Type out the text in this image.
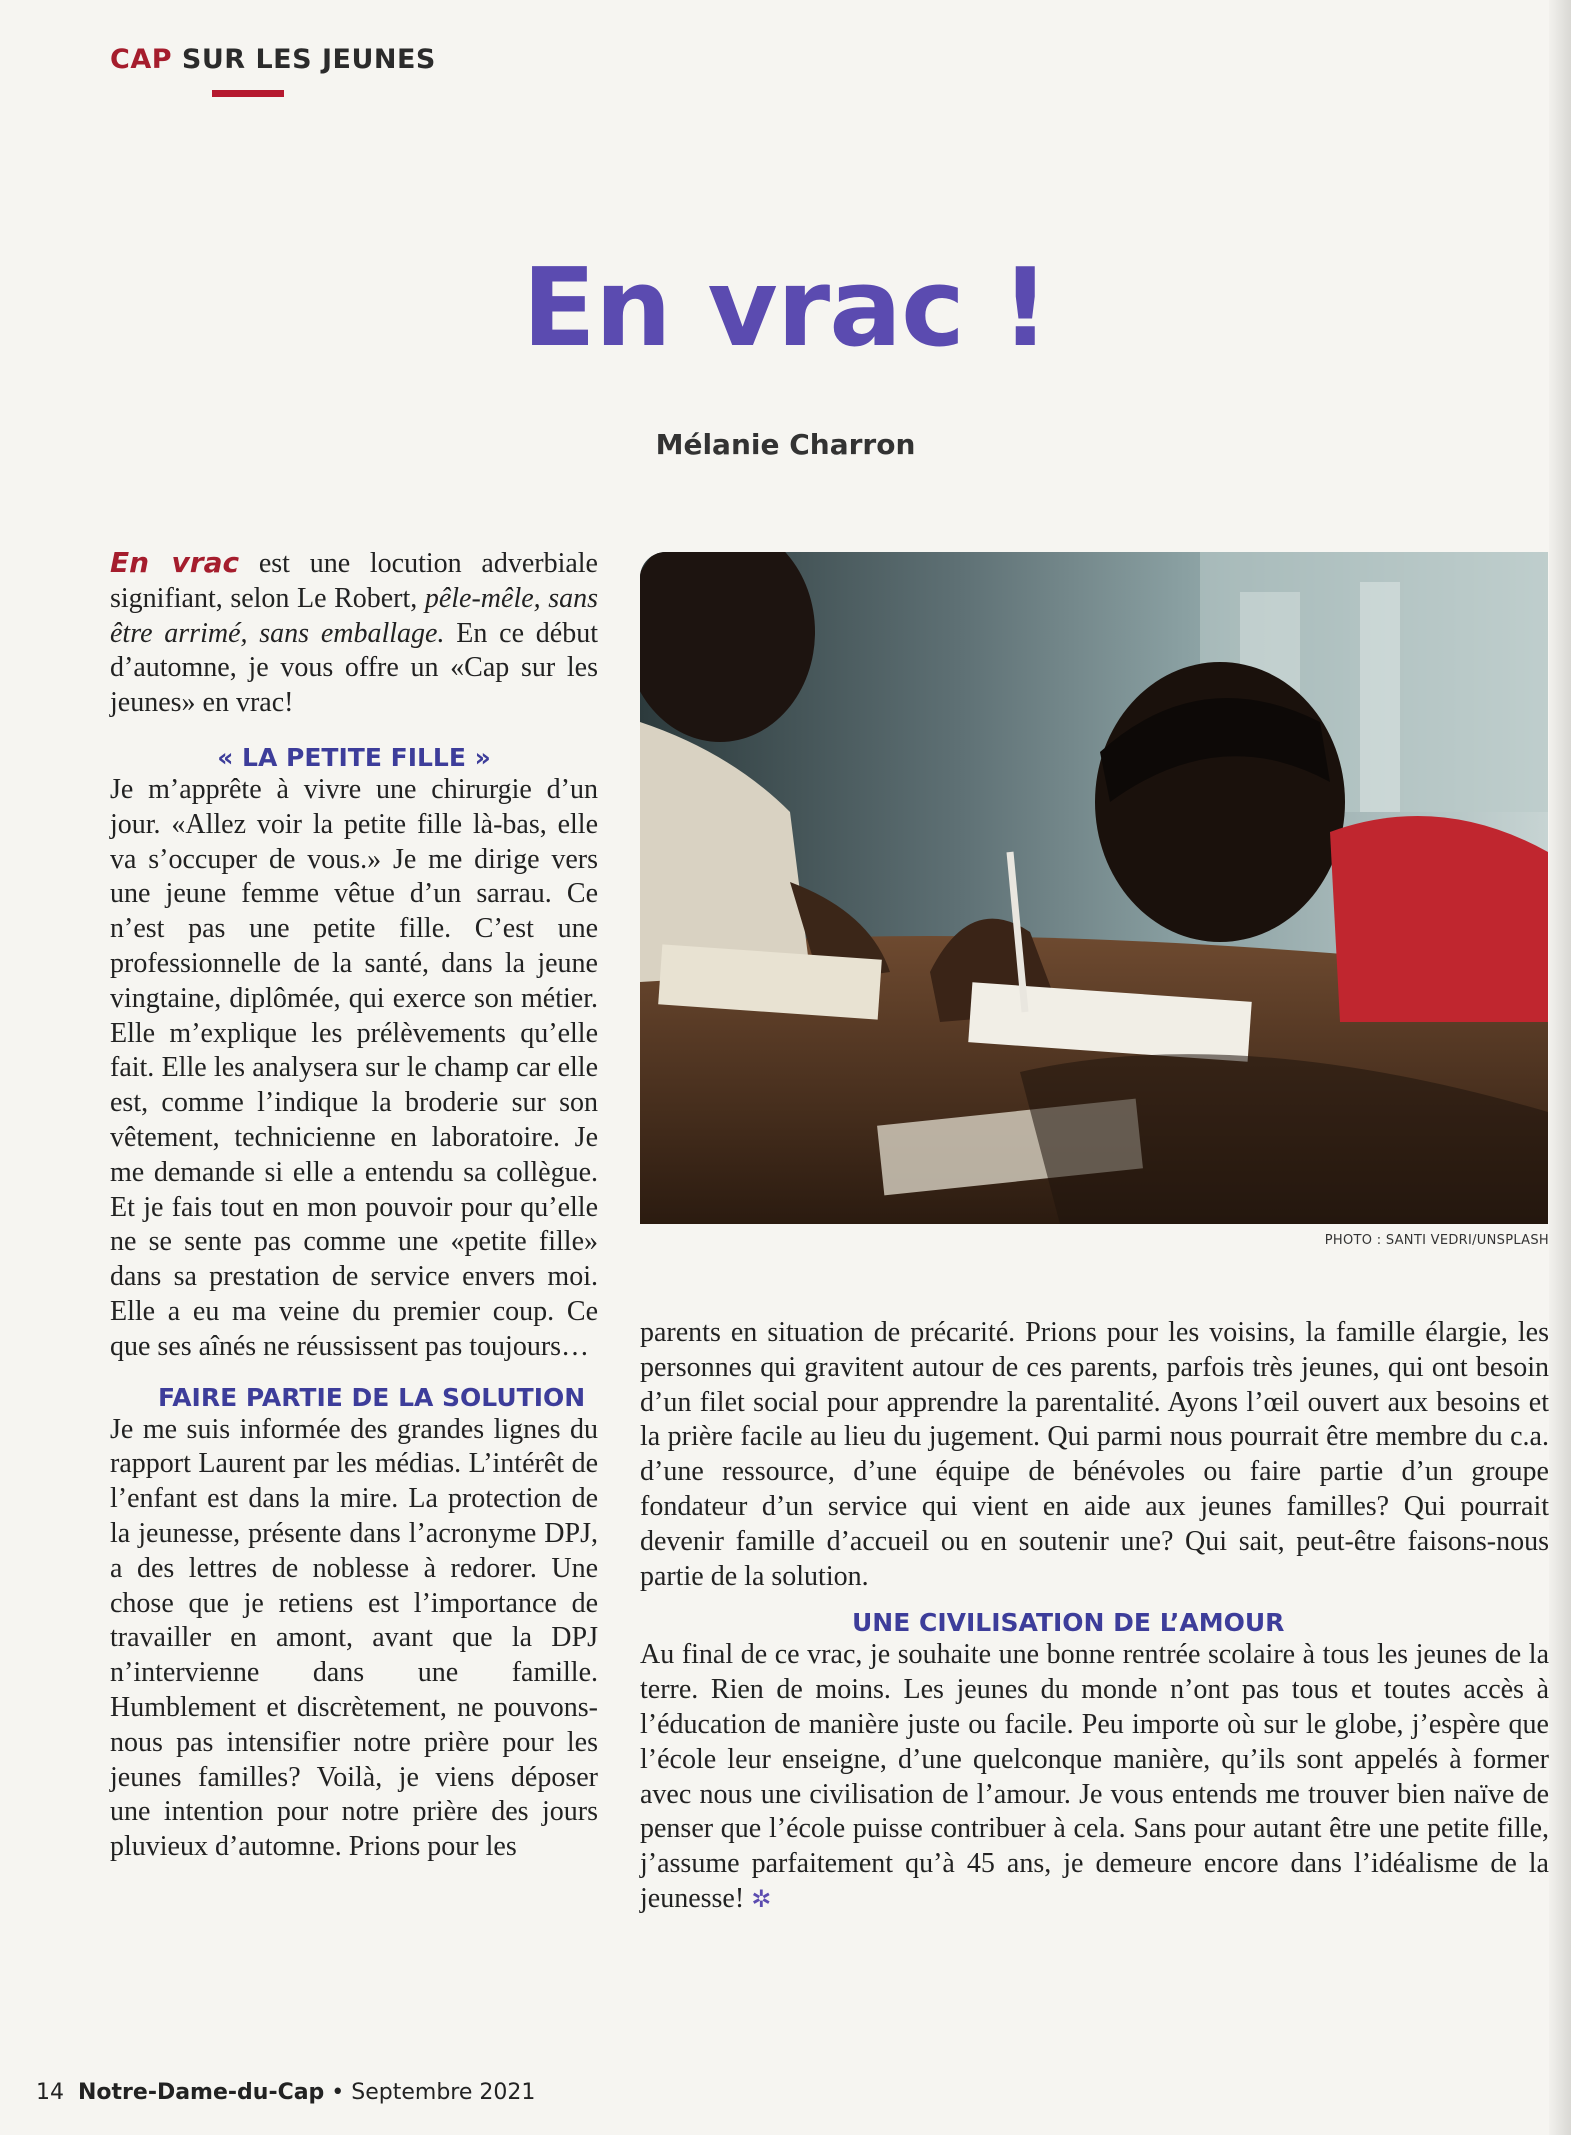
CAP SUR LES JEUNES
En vrac !
Mélanie Charron

En vrac est une locution adverbiale signifiant, selon Le Robert, pêle-mêle, sans être arrimé, sans emballage. En ce début d’automne, je vous offre un «Cap sur les jeunes» en vrac!

« LA PETITE FILLE »

Je m’apprête à vivre une chirurgie d’un jour. «Allez voir la petite fille là-bas, elle va s’occuper de vous.» Je me dirige vers une jeune femme vêtue d’un sarrau. Ce n’est pas une petite fille. C’est une professionnelle de la santé, dans la jeune vingtaine, diplômée, qui exerce son métier. Elle m’explique les prélèvements qu’elle fait. Elle les analysera sur le champ car elle est, comme l’indique la broderie sur son vêtement, technicienne en laboratoire. Je me demande si elle a entendu sa collègue. Et je fais tout en mon pouvoir pour qu’elle ne se sente pas comme une «petite fille» dans sa prestation de service envers moi. Elle a eu ma veine du premier coup. Ce que ses aînés ne réussissent pas toujours…

FAIRE PARTIE DE LA SOLUTION

Je me suis informée des grandes lignes du rapport Laurent par les médias. L’intérêt de l’enfant est dans la mire. La protection de la jeunesse, présente dans l’acronyme DPJ, a des lettres de noblesse à redorer. Une chose que je retiens est l’importance de travailler en amont, avant que la DPJ n’intervienne dans une famille. Humblement et discrètement, ne pouvons-nous pas intensifier notre prière pour les jeunes familles? Voilà, je viens déposer une intention pour notre prière des jours pluvieux d’automne. Prions pour les

PHOTO : SANTI VEDRI/UNSPLASH

parents en situation de précarité. Prions pour les voisins, la famille élargie, les personnes qui gravitent autour de ces parents, parfois très jeunes, qui ont besoin d’un filet social pour apprendre la parentalité. Ayons l’œil ouvert aux besoins et la prière facile au lieu du jugement. Qui parmi nous pourrait être membre du c.a. d’une ressource, d’une équipe de bénévoles ou faire partie d’un groupe fondateur d’un service qui vient en aide aux jeunes familles? Qui pourrait devenir famille d’accueil ou en soutenir une? Qui sait, peut-être faisons-nous partie de la solution.

UNE CIVILISATION DE L’AMOUR

Au final de ce vrac, je souhaite une bonne rentrée scolaire à tous les jeunes de la terre. Rien de moins. Les jeunes du monde n’ont pas tous et toutes accès à l’éducation de manière juste ou facile. Peu importe où sur le globe, j’espère que l’école leur enseigne, d’une quelconque manière, qu’ils sont appelés à former avec nous une civilisation de l’amour. Je vous entends me trouver bien naïve de penser que l’école puisse contribuer à cela. Sans pour autant être une petite fille, j’assume parfaitement qu’à 45 ans, je demeure encore dans l’idéalisme de la jeunesse! ✲

14 Notre-Dame-du-Cap • Septembre 2021
